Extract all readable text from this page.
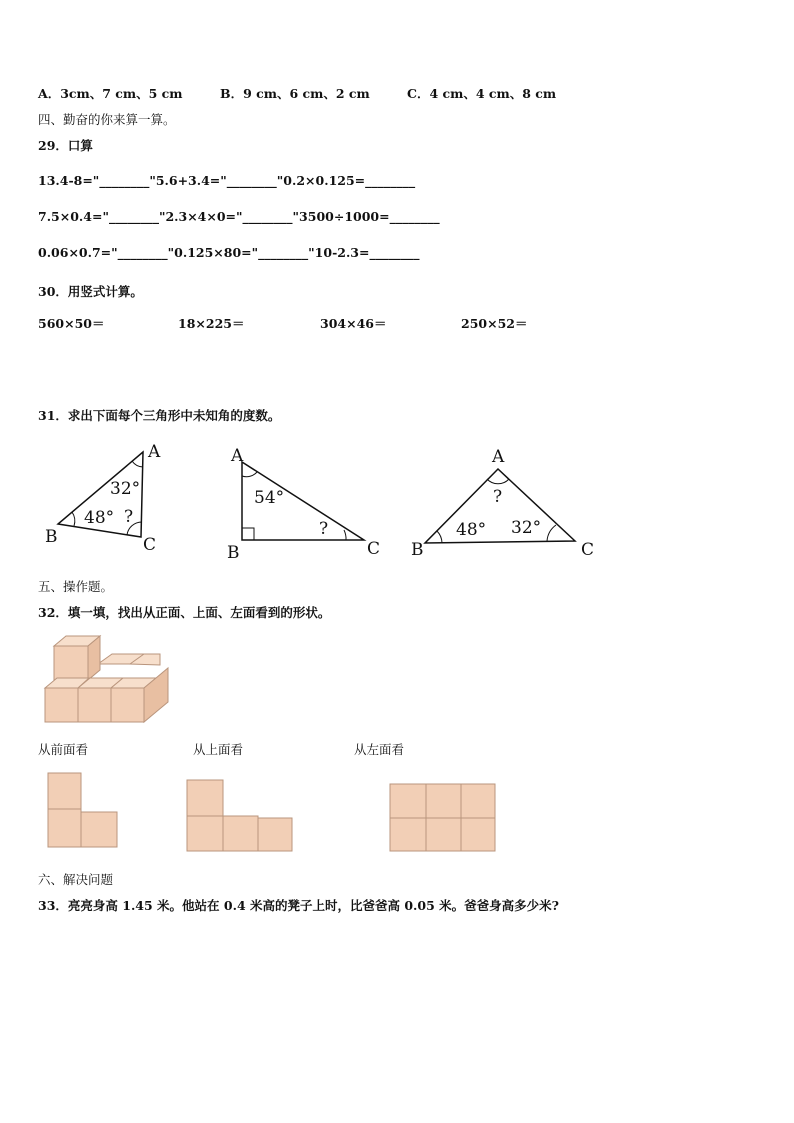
A．3cm、7 cm、5 cm	B．9 cm、6 cm、2 cm	C．4 cm、4 cm、8 cm
四、勤奋的你来算一算。
29．口算
13.4-8="________"5.6+3.4="________"0.2×0.125=________
7.5×0.4="________"2.3×4×0="________"3500÷1000=________
0.06×0.7="________"0.125×80="________"10-2.3=________
30．用竖式计算。
560×50＝	18×225＝	304×46＝	250×52＝
31．求出下面每个三角形中未知角的度数。
A
B	C
32°
48° ?
A
B	C
54°
?
A
B	C
?
48° 32°
五、操作题。
32．填一填，找出从正面、上面、左面看到的形状。
从前面看	从上面看	从左面看
六、解决问题
33．亮亮身高 1.45 米。他站在 0.4 米高的凳子上时，比爸爸高 0.05 米。爸爸身高多少米?
